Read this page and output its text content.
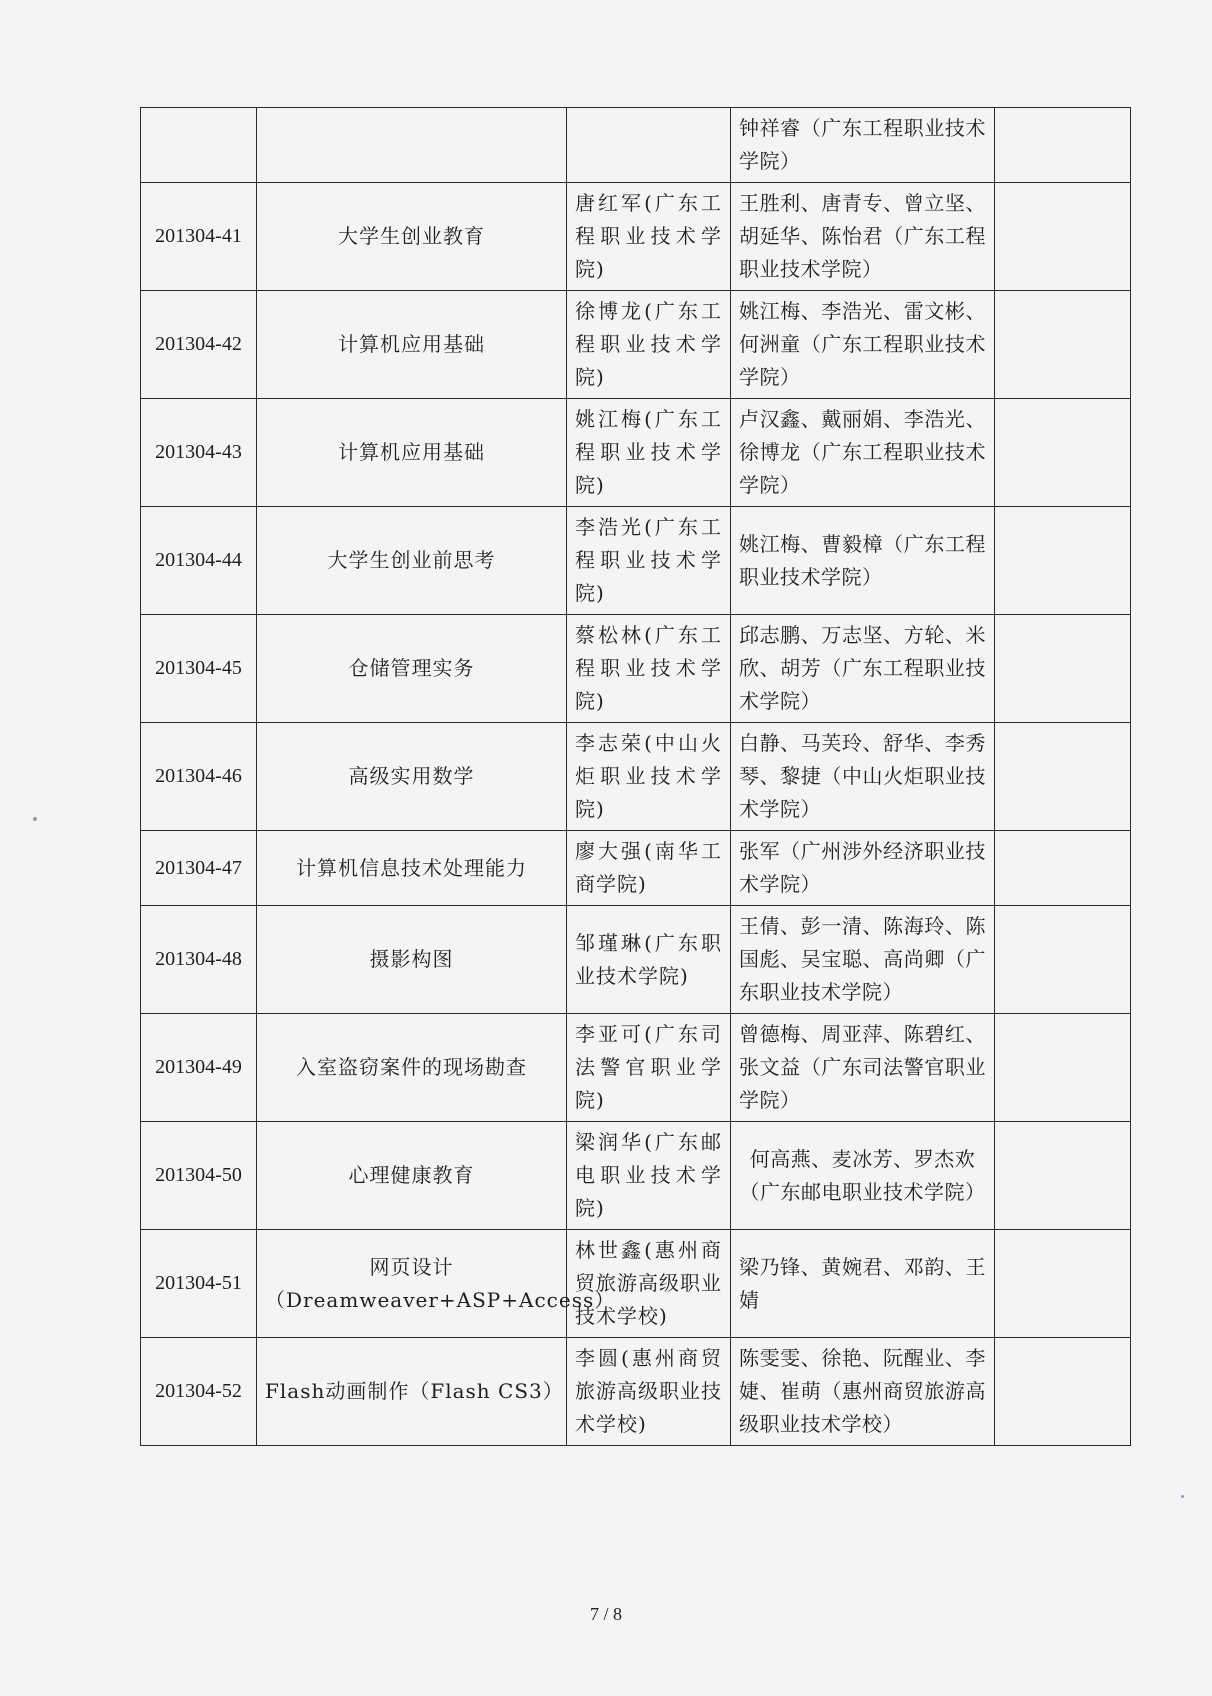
			钟祥睿（广东工程职业技术学院）	

201304-41	大学生创业教育	唐红军(广东工程职业技术学院)	王胜利、唐青专、曾立坚、胡延华、陈怡君（广东工程职业技术学院）	

201304-42	计算机应用基础	徐博龙(广东工程职业技术学院)	姚江梅、李浩光、雷文彬、何洲童（广东工程职业技术学院）	

201304-43	计算机应用基础	姚江梅(广东工程职业技术学院)	卢汉鑫、戴丽娟、李浩光、徐博龙（广东工程职业技术学院）	

201304-44	大学生创业前思考	李浩光(广东工程职业技术学院)	姚江梅、曹毅樟（广东工程职业技术学院）	

201304-45	仓储管理实务	蔡松林(广东工程职业技术学院)	邱志鹏、万志坚、方轮、米欣、胡芳（广东工程职业技术学院）	

201304-46	高级实用数学	李志荣(中山火炬职业技术学院)	白静、马芙玲、舒华、李秀琴、黎捷（中山火炬职业技术学院）	

201304-47	计算机信息技术处理能力	廖大强(南华工商学院)	张军（广州涉外经济职业技术学院）	

201304-48	摄影构图	邹瑾琳(广东职业技术学院)	王倩、彭一清、陈海玲、陈国彪、吴宝聪、高尚卿（广东职业技术学院）	

201304-49	入室盗窃案件的现场勘查	李亚可(广东司法警官职业学院)	曾德梅、周亚萍、陈碧红、张文益（广东司法警官职业学院）	

201304-50	心理健康教育	梁润华(广东邮电职业技术学院)	何高燕、麦冰芳、罗杰欢（广东邮电职业技术学院）	

201304-51	网页设计（Dreamweaver+ASP+Access）	林世鑫(惠州商贸旅游高级职业技术学校)	梁乃锋、黄婉君、邓韵、王婧	

201304-52	Flash动画制作（Flash CS3）	李圆(惠州商贸旅游高级职业技术学校)	陈雯雯、徐艳、阮醒业、李婕、崔萌（惠州商贸旅游高级职业技术学校）	

7 / 8
